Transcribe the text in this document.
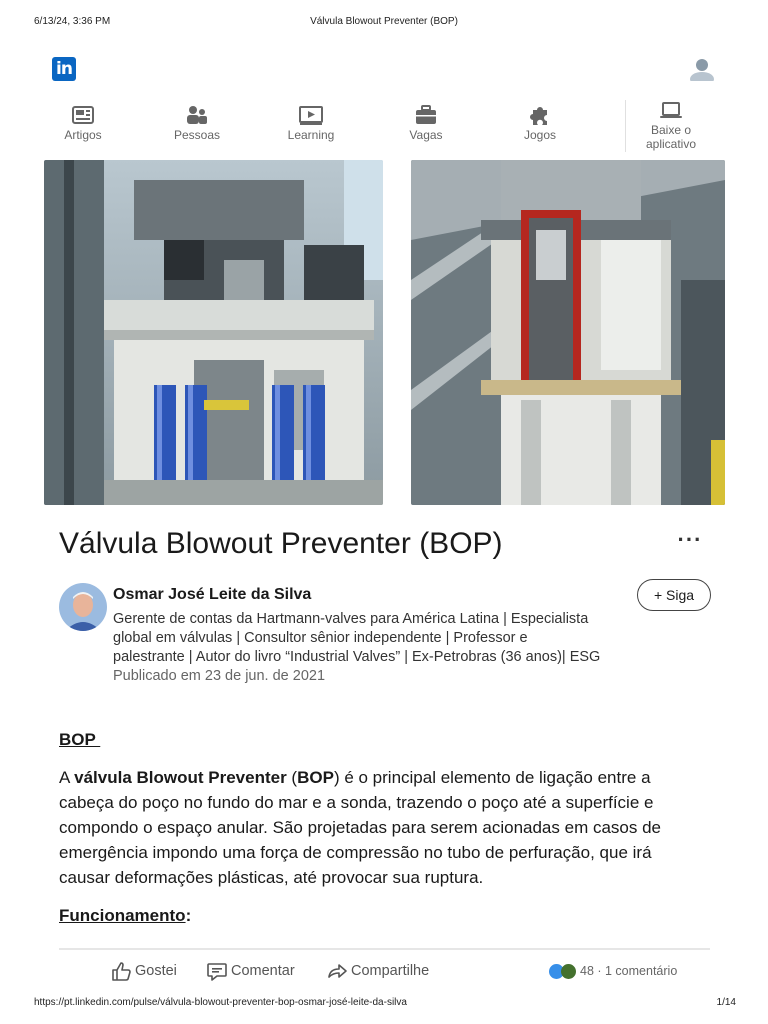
6/13/24, 3:36 PM	Válvula Blowout Preventer (BOP)
in
Artigos	Pessoas	Learning	Vagas	Jogos	Baixe o
aplicativo
Válvula Blowout Preventer (BOP)	···
Osmar José Leite da Silva
Gerente de contas da Hartmann-valves para América Latina | Especialista
global em válvulas | Consultor sênior independente | Professor e
palestrante | Autor do livro “Industrial Valves” | Ex-Petrobras (36 anos)| ESG
Publicado em 23 de jun. de 2021
+ Siga
BOP
A válvula Blowout Preventer (BOP) é o principal elemento de ligação entre a
cabeça do poço no fundo do mar e a sonda, trazendo o poço até a superfície e
compondo o espaço anular. São projetadas para serem acionadas em casos de
emergência impondo uma força de compressão no tubo de perfuração, que irá
causar deformações plásticas, até provocar sua ruptura.
Funcionamento:
Gostei	Comentar	Compartilhe	48 · 1 comentário
https://pt.linkedin.com/pulse/válvula-blowout-preventer-bop-osmar-josé-leite-da-silva	1/14
